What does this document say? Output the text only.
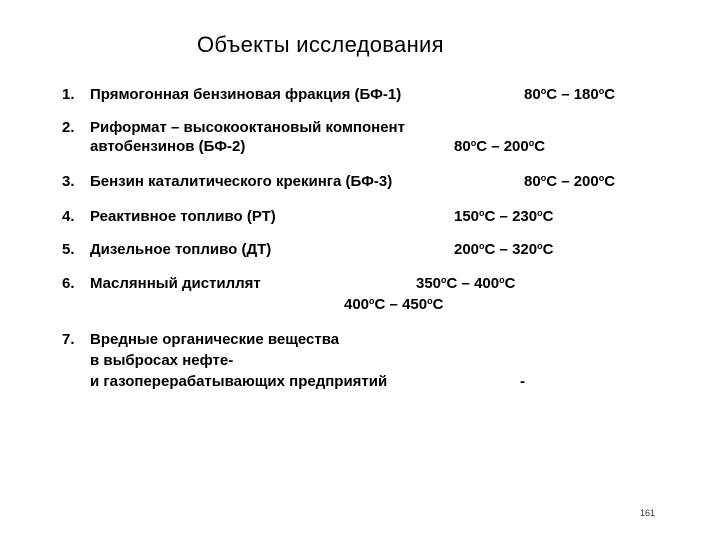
Объекты исследования
1. Прямогонная бензиновая фракция (БФ-1)	80$^o$С – 180$^o$С
2. Риформат – высокооктановый компонент
автобензинов (БФ-2)	80$^o$С – 200$^o$С
3. Бензин каталитического крекинга (БФ-3)	80$^o$С – 200$^o$С
4. Реактивное топливо (РТ)	150$^o$С – 230$^o$С
5. Дизельное топливо (ДТ)	200$^o$С – 320$^o$С
6. Маслянный дистиллят	350$^o$С – 400$^o$С
400$^o$С – 450$^o$С
7. Вредные органические вещества
в выбросах нефте-
и газоперерабатывающих предприятий	-
161
